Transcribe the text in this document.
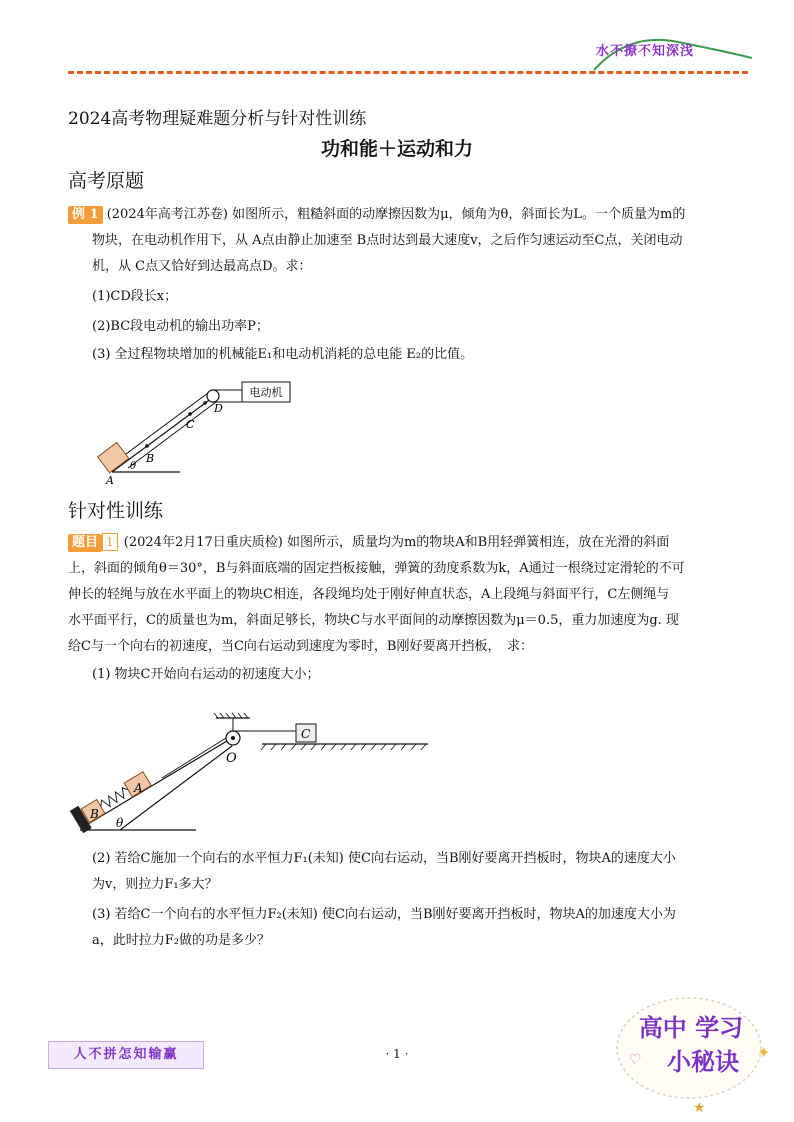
水不撩不知深浅
2024高考物理疑难题分析与针对性训练
功和能＋运动和力
高考原题
例 1 (2024年高考江苏卷) 如图所示，粗糙斜面的动摩擦因数为μ，倾角为θ，斜面长为L。一个质量为m的
物块，在电动机作用下，从 A点由静止加速至 B点时达到最大速度v，之后作匀速运动至C点，关闭电动
机，从 C点又恰好到达最高点D。求：
(1)CD段长x；
(2)BC段电动机的输出功率P；
(3) 全过程物块增加的机械能E₁和电动机消耗的总电能 E₂的比值。
电动机
A
B
C
D
θ
针对性训练
题目 1 (2024年2月17日重庆质检) 如图所示，质量均为m的物块A和B用轻弹簧相连，放在光滑的斜面
上，斜面的倾角θ＝30°，B与斜面底端的固定挡板接触，弹簧的劲度系数为k，A通过一根绕过定滑轮的不可
伸长的轻绳与放在水平面上的物块C相连，各段绳均处于刚好伸直状态，A上段绳与斜面平行，C左侧绳与
水平面平行，C的质量也为m，斜面足够长，物块C与水平面间的动摩擦因数为μ＝0.5，重力加速度为g. 现
给C与一个向右的初速度，当C向右运动到速度为零时，B刚好要离开挡板，　求：
(1) 物块C开始向右运动的初速度大小；
C
O
A
B
θ
(2) 若给C施加一个向右的水平恒力F₁(未知) 使C向右运动，当B刚好要离开挡板时，物块A的速度大小
为v，则拉力F₁多大？
(3) 若给C一个向右的水平恒力F₂(未知) 使C向右运动，当B刚好要离开挡板时，物块A的加速度大小为
a，此时拉力F₂做的功是多少？
人不拼怎知输赢	· 1 ·
高中 学习
小秘诀
♡	✦
★
